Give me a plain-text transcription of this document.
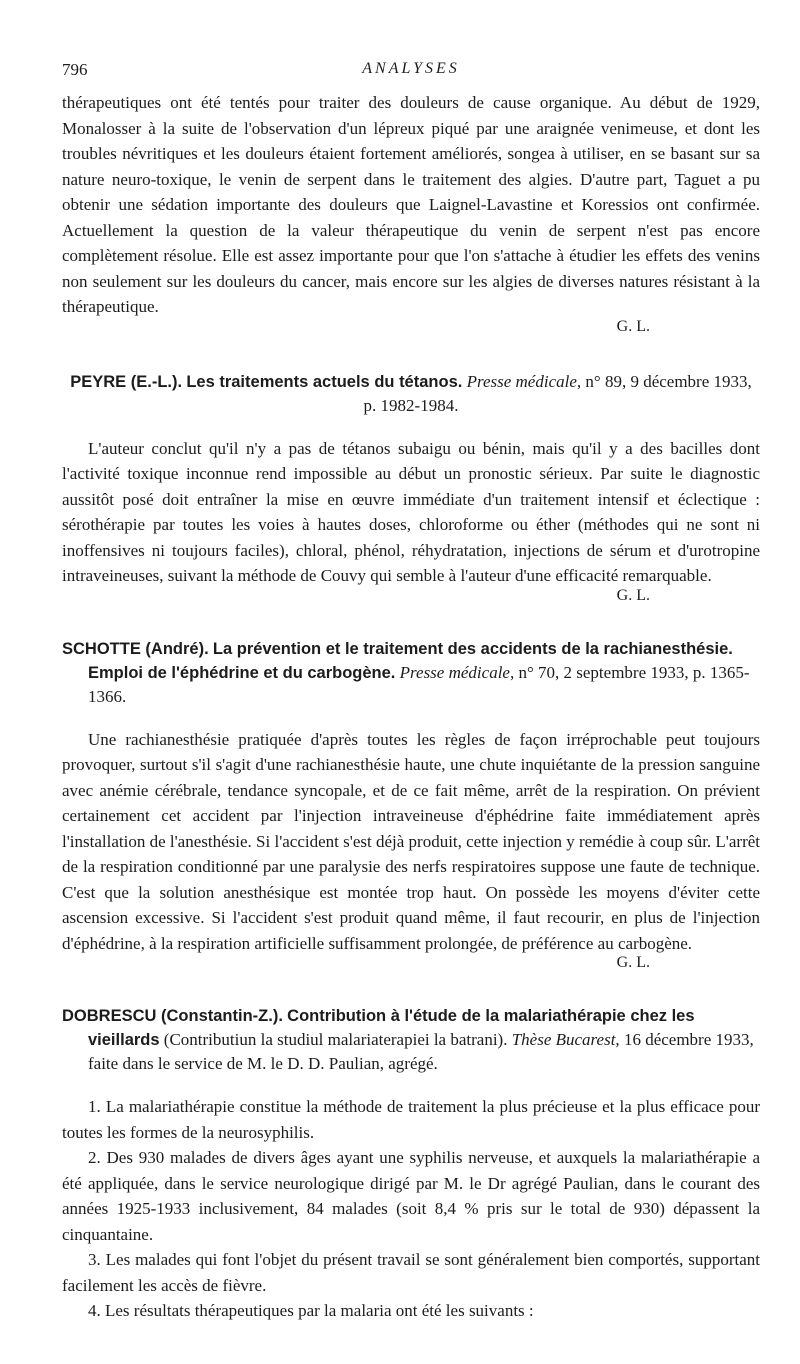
796	ANALYSES

thérapeutiques ont été tentés pour traiter des douleurs de cause organique. Au début de 1929, Monalosser à la suite de l'observation d'un lépreux piqué par une araignée venimeuse, et dont les troubles névritiques et les douleurs étaient fortement améliorés, songea à utiliser, en se basant sur sa nature neuro-toxique, le venin de serpent dans le traitement des algies. D'autre part, Taguet a pu obtenir une sédation importante des douleurs que Laignel-Lavastine et Koressios ont confirmée. Actuellement la question de la valeur thérapeutique du venin de serpent n'est pas encore complètement résolue. Elle est assez importante pour que l'on s'attache à étudier les effets des venins non seulement sur les douleurs du cancer, mais encore sur les algies de diverses natures résistant à la thérapeutique.

G. L.

PEYRE (E.-L.). Les traitements actuels du tétanos. Presse médicale, n° 89, 9 décembre 1933, p. 1982-1984.

L'auteur conclut qu'il n'y a pas de tétanos subaigu ou bénin, mais qu'il y a des bacilles dont l'activité toxique inconnue rend impossible au début un pronostic sérieux. Par suite le diagnostic aussitôt posé doit entraîner la mise en œuvre immédiate d'un traitement intensif et éclectique : sérothérapie par toutes les voies à hautes doses, chloroforme ou éther (méthodes qui ne sont ni inoffensives ni toujours faciles), chloral, phénol, réhydratation, injections de sérum et d'urotropine intraveineuses, suivant la méthode de Couvy qui semble à l'auteur d'une efficacité remarquable.

G. L.

SCHOTTE (André). La prévention et le traitement des accidents de la rachianesthésie. Emploi de l'éphédrine et du carbogène. Presse médicale, n° 70, 2 septembre 1933, p. 1365-1366.

Une rachianesthésie pratiquée d'après toutes les règles de façon irréprochable peut toujours provoquer, surtout s'il s'agit d'une rachianesthésie haute, une chute inquiétante de la pression sanguine avec anémie cérébrale, tendance syncopale, et de ce fait même, arrêt de la respiration. On prévient certainement cet accident par l'injection intraveineuse d'éphédrine faite immédiatement après l'installation de l'anesthésie. Si l'accident s'est déjà produit, cette injection y remédie à coup sûr. L'arrêt de la respiration conditionné par une paralysie des nerfs respiratoires suppose une faute de technique. C'est que la solution anesthésique est montée trop haut. On possède les moyens d'éviter cette ascension excessive. Si l'accident s'est produit quand même, il faut recourir, en plus de l'injection d'éphédrine, à la respiration artificielle suffisamment prolongée, de préférence au carbogène.

G. L.

DOBRESCU (Constantin-Z.). Contribution à l'étude de la malariathérapie chez les vieillards (Contributiun la studiul malariaterapiei la batrani). Thèse Bucarest, 16 décembre 1933, faite dans le service de M. le D. D. Paulian, agrégé.

1. La malariathérapie constitue la méthode de traitement la plus précieuse et la plus efficace pour toutes les formes de la neurosyphilis.

2. Des 930 malades de divers âges ayant une syphilis nerveuse, et auxquels la malariathérapie a été appliquée, dans le service neurologique dirigé par M. le Dr agrégé Paulian, dans le courant des années 1925-1933 inclusivement, 84 malades (soit 8,4 % pris sur le total de 930) dépassent la cinquantaine.

3. Les malades qui font l'objet du présent travail se sont généralement bien comportés, supportant facilement les accès de fièvre.

4. Les résultats thérapeutiques par la malaria ont été les suivants :
